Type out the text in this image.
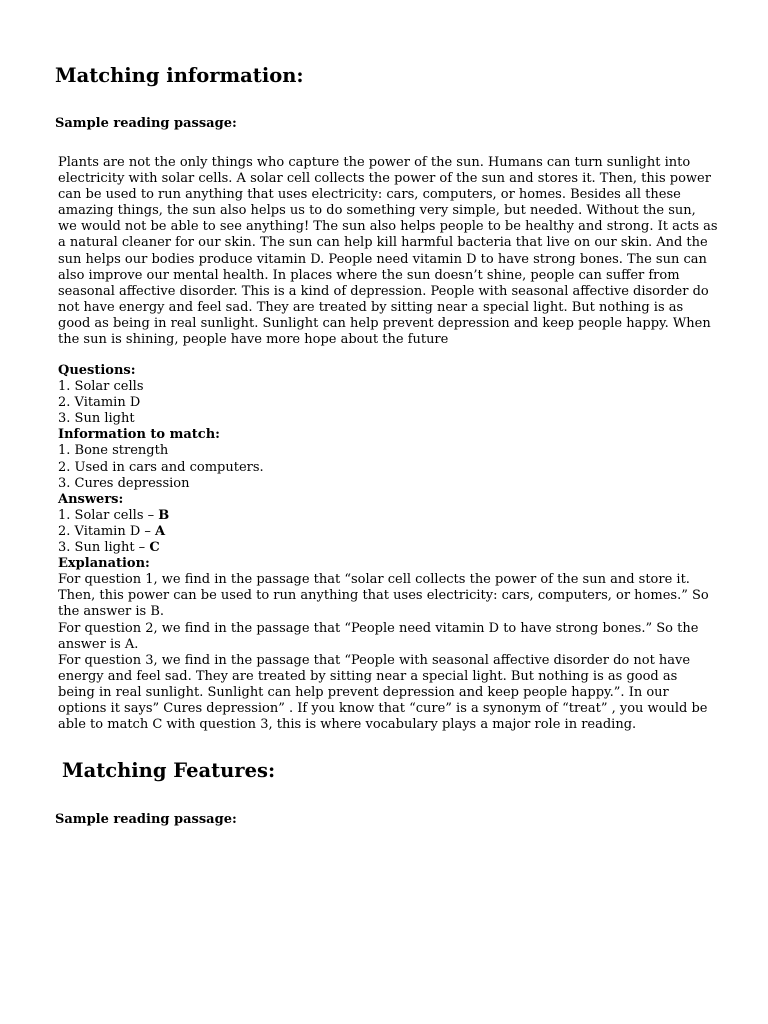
Matching information:
Sample reading passage:

Plants are not the only things who capture the power of the sun. Humans can turn sunlight into electricity with solar cells. A solar cell collects the power of the sun and stores it. Then, this power can be used to run anything that uses electricity: cars, computers, or homes. Besides all these amazing things, the sun also helps us to do something very simple, but needed. Without the sun, we would not be able to see anything! The sun also helps people to be healthy and strong. It acts as a natural cleaner for our skin. The sun can help kill harmful bacteria that live on our skin. And the sun helps our bodies produce vitamin D. People need vitamin D to have strong bones. The sun can also improve our mental health. In places where the sun doesn’t shine, people can suffer from seasonal affective disorder. This is a kind of depression. People with seasonal affective disorder do not have energy and feel sad. They are treated by sitting near a special light. But nothing is as good as being in real sunlight. Sunlight can help prevent depression and keep people happy. When the sun is shining, people have more hope about the future

Questions:
1. Solar cells
2. Vitamin D
3. Sun light
Information to match:
1. Bone strength
2. Used in cars and computers.
3. Cures depression
Answers:
1. Solar cells – B
2. Vitamin D – A
3. Sun light – C
Explanation:

For question 1, we find in the passage that “solar cell collects the power of the sun and store it. Then, this power can be used to run anything that uses electricity: cars, computers, or homes.” So the answer is B.

For question 2, we find in the passage that “People need vitamin D to have strong bones.” So the answer is A.

For question 3, we find in the passage that “People with seasonal affective disorder do not have energy and feel sad. They are treated by sitting near a special light. But nothing is as good as being in real sunlight. Sunlight can help prevent depression and keep people happy.”. In our options it says” Cures depression” . If you know that “cure” is a synonym of “treat” , you would be able to match C with question 3, this is where vocabulary plays a major role in reading.

Matching Features:
Sample reading passage:
